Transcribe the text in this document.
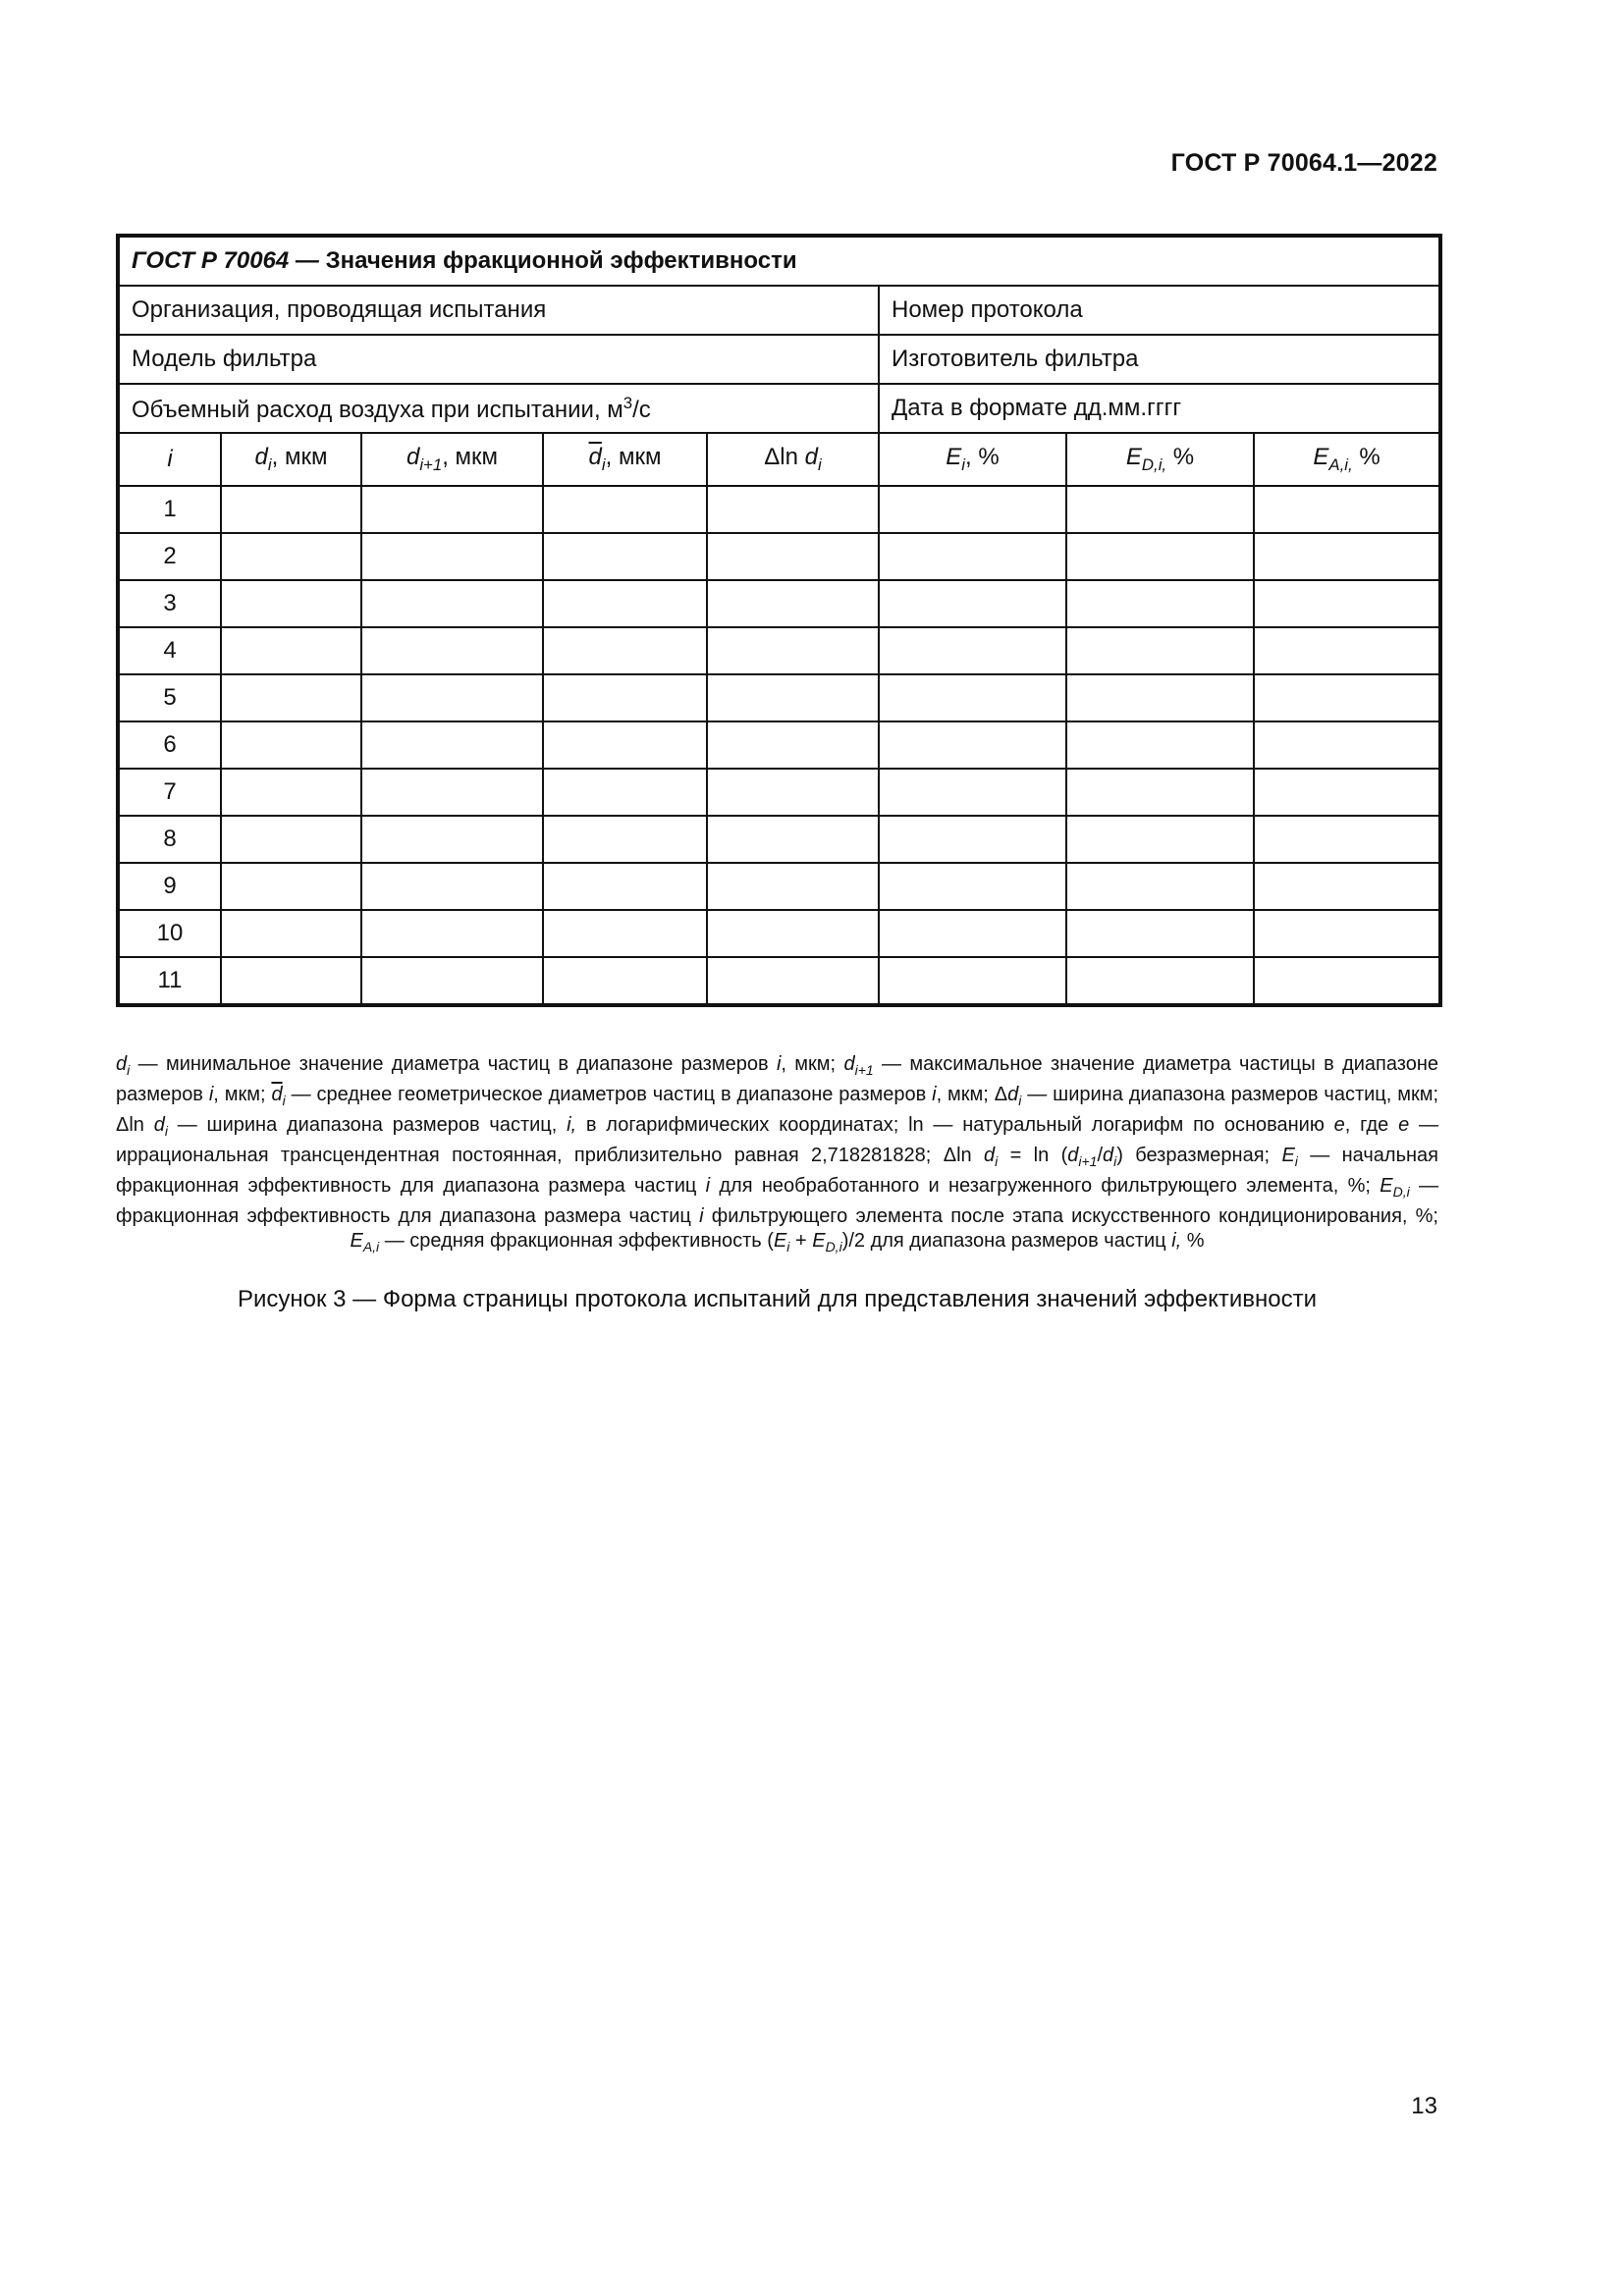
ГОСТ Р 70064.1—2022
ГОСТ Р 70064 — Значения фракционной эффективности							
Организация, проводящая испытания					Номер протокола		
Модель фильтра					Изготовитель фильтра		
Объемный расход воздуха при испытании, $м^3/с$					Дата в формате дд.мм.гггг		
i	$d_i$, мкм	$d_{i+1}$, мкм	$\overline{d}_i$, мкм	Δln $d_i$	$E_i$, %	$E_{D,i,}$ %	$E_{A,i,}$ %
1							
2							
3							
4							
5							
6							
7							
8							
9							
10							
11							
$d_i$ — минимальное значение диаметра частиц в диапазоне размеров i, мкм; $d_{i+1}$ — максимальное значение диаметра частицы в диапазоне размеров i, мкм; $\overline{d}_i$ — среднее геометрическое диаметров частиц в диапазоне размеров i, мкм; $\Delta d_i$ — ширина диапазона размеров частиц, мкм; Δln $d_i$ — ширина диапазона размеров частиц, i, в логарифмических координатах; ln — натуральный логарифм по основанию e, где e — иррациональная трансцендентная постоянная, приблизительно равная 2,718281828; Δln $d_i = \ln (d_{i+1}/d_i)$ безразмерная; $E_i$ — начальная фракционная эффективность для диапазона размера частиц i для необработанного и незагруженного фильтрующего элемента, %; $E_{D,i}$ — фракционная эффективность для диапазона размера частиц i фильтрующего элемента после этапа искусственного кондиционирования, %; $E_{A,i}$ — средняя фракционная эффективность $(E_i + E_{D,i})/2$ для диапазона размеров частиц i, %
Рисунок 3 — Форма страницы протокола испытаний для представления значений эффективности
13
